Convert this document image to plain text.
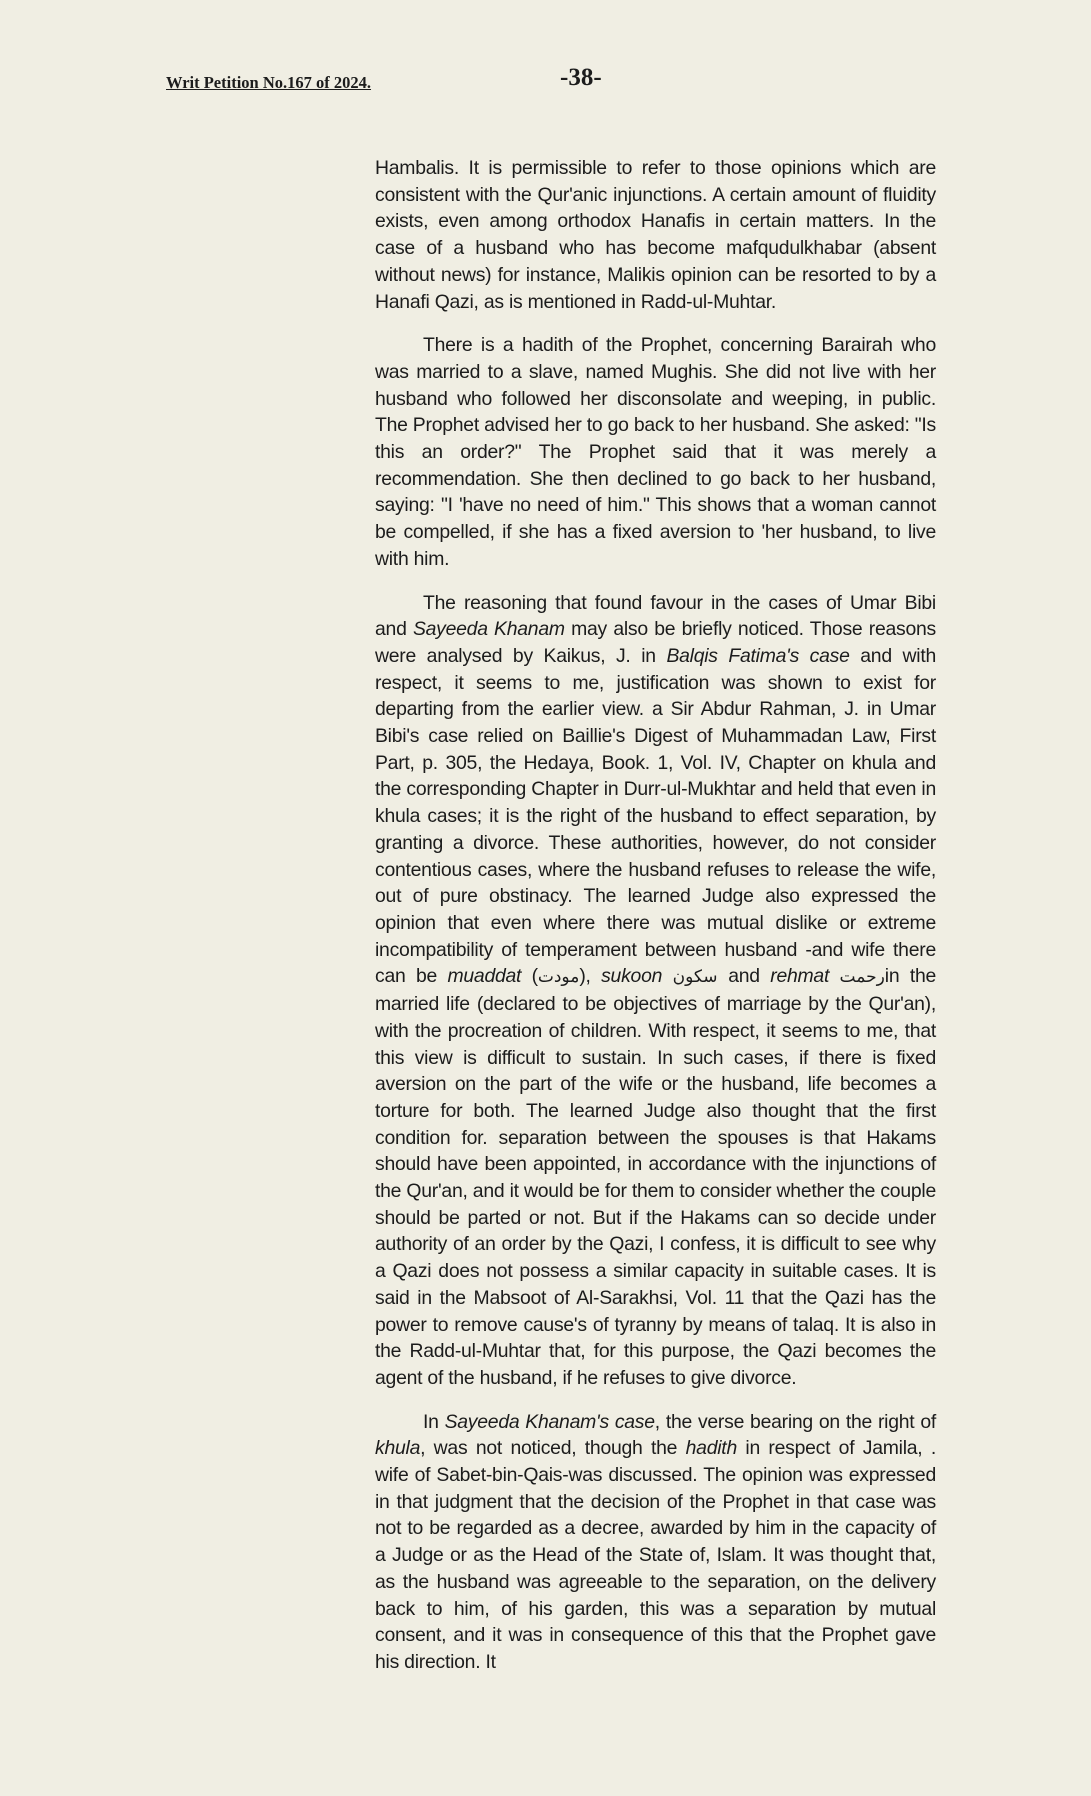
Writ Petition No.167 of 2024.	-38-

Hambalis. It is permissible to refer to those opinions which are consistent with the Qur'anic injunctions. A certain amount of fluidity exists, even among orthodox Hanafis in certain matters. In the case of a husband who has become mafqudulkhabar (absent without news) for instance, Malikis opinion can be resorted to by a Hanafi Qazi, as is mentioned in Radd-ul-Muhtar.

There is a hadith of the Prophet, concerning Barairah who was married to a slave, named Mughis. She did not live with her husband who followed her disconsolate and weeping, in public. The Prophet advised her to go back to her husband. She asked: "Is this an order?" The Prophet said that it was merely a recommendation. She then declined to go back to her husband, saying: "I 'have no need of him." This shows that a woman cannot be compelled, if she has a fixed aversion to 'her husband, to live with him.

The reasoning that found favour in the cases of Umar Bibi and Sayeeda Khanam may also be briefly noticed. Those reasons were analysed by Kaikus, J. in Balqis Fatima's case and with respect, it seems to me, justification was shown to exist for departing from the earlier view. a Sir Abdur Rahman, J. in Umar Bibi's case relied on Baillie's Digest of Muhammadan Law, First Part, p. 305, the Hedaya, Book. 1, Vol. IV, Chapter on khula and the corresponding Chapter in Durr-ul-Mukhtar and held that even in khula cases; it is the right of the husband to effect separation, by granting a divorce. These authorities, however, do not consider contentious cases, where the husband refuses to release the wife, out of pure obstinacy. The learned Judge also expressed the opinion that even where there was mutual dislike or extreme incompatibility of temperament between husband -and wife there can be muaddat (مودت), sukoon سکون and rehmat رحمتin the married life (declared to be objectives of marriage by the Qur'an), with the procreation of children. With respect, it seems to me, that this view is difficult to sustain. In such cases, if there is fixed aversion on the part of the wife or the husband, life becomes a torture for both. The learned Judge also thought that the first condition for. separation between the spouses is that Hakams should have been appointed, in accordance with the injunctions of the Qur'an, and it would be for them to consider whether the couple should be parted or not. But if the Hakams can so decide under authority of an order by the Qazi, I confess, it is difficult to see why a Qazi does not possess a similar capacity in suitable cases. It is said in the Mabsoot of Al-Sarakhsi, Vol. 11 that the Qazi has the power to remove cause's of tyranny by means of talaq. It is also in the Radd-ul-Muhtar that, for this purpose, the Qazi becomes the agent of the husband, if he refuses to give divorce.

In Sayeeda Khanam's case, the verse bearing on the right of khula, was not noticed, though the hadith in respect of Jamila, . wife of Sabet-bin-Qais-was discussed. The opinion was expressed in that judgment that the decision of the Prophet in that case was not to be regarded as a decree, awarded by him in the capacity of a Judge or as the Head of the State of, Islam. It was thought that, as the husband was agreeable to the separation, on the delivery back to him, of his garden, this was a separation by mutual consent, and it was in consequence of this that the Prophet gave his direction. It
